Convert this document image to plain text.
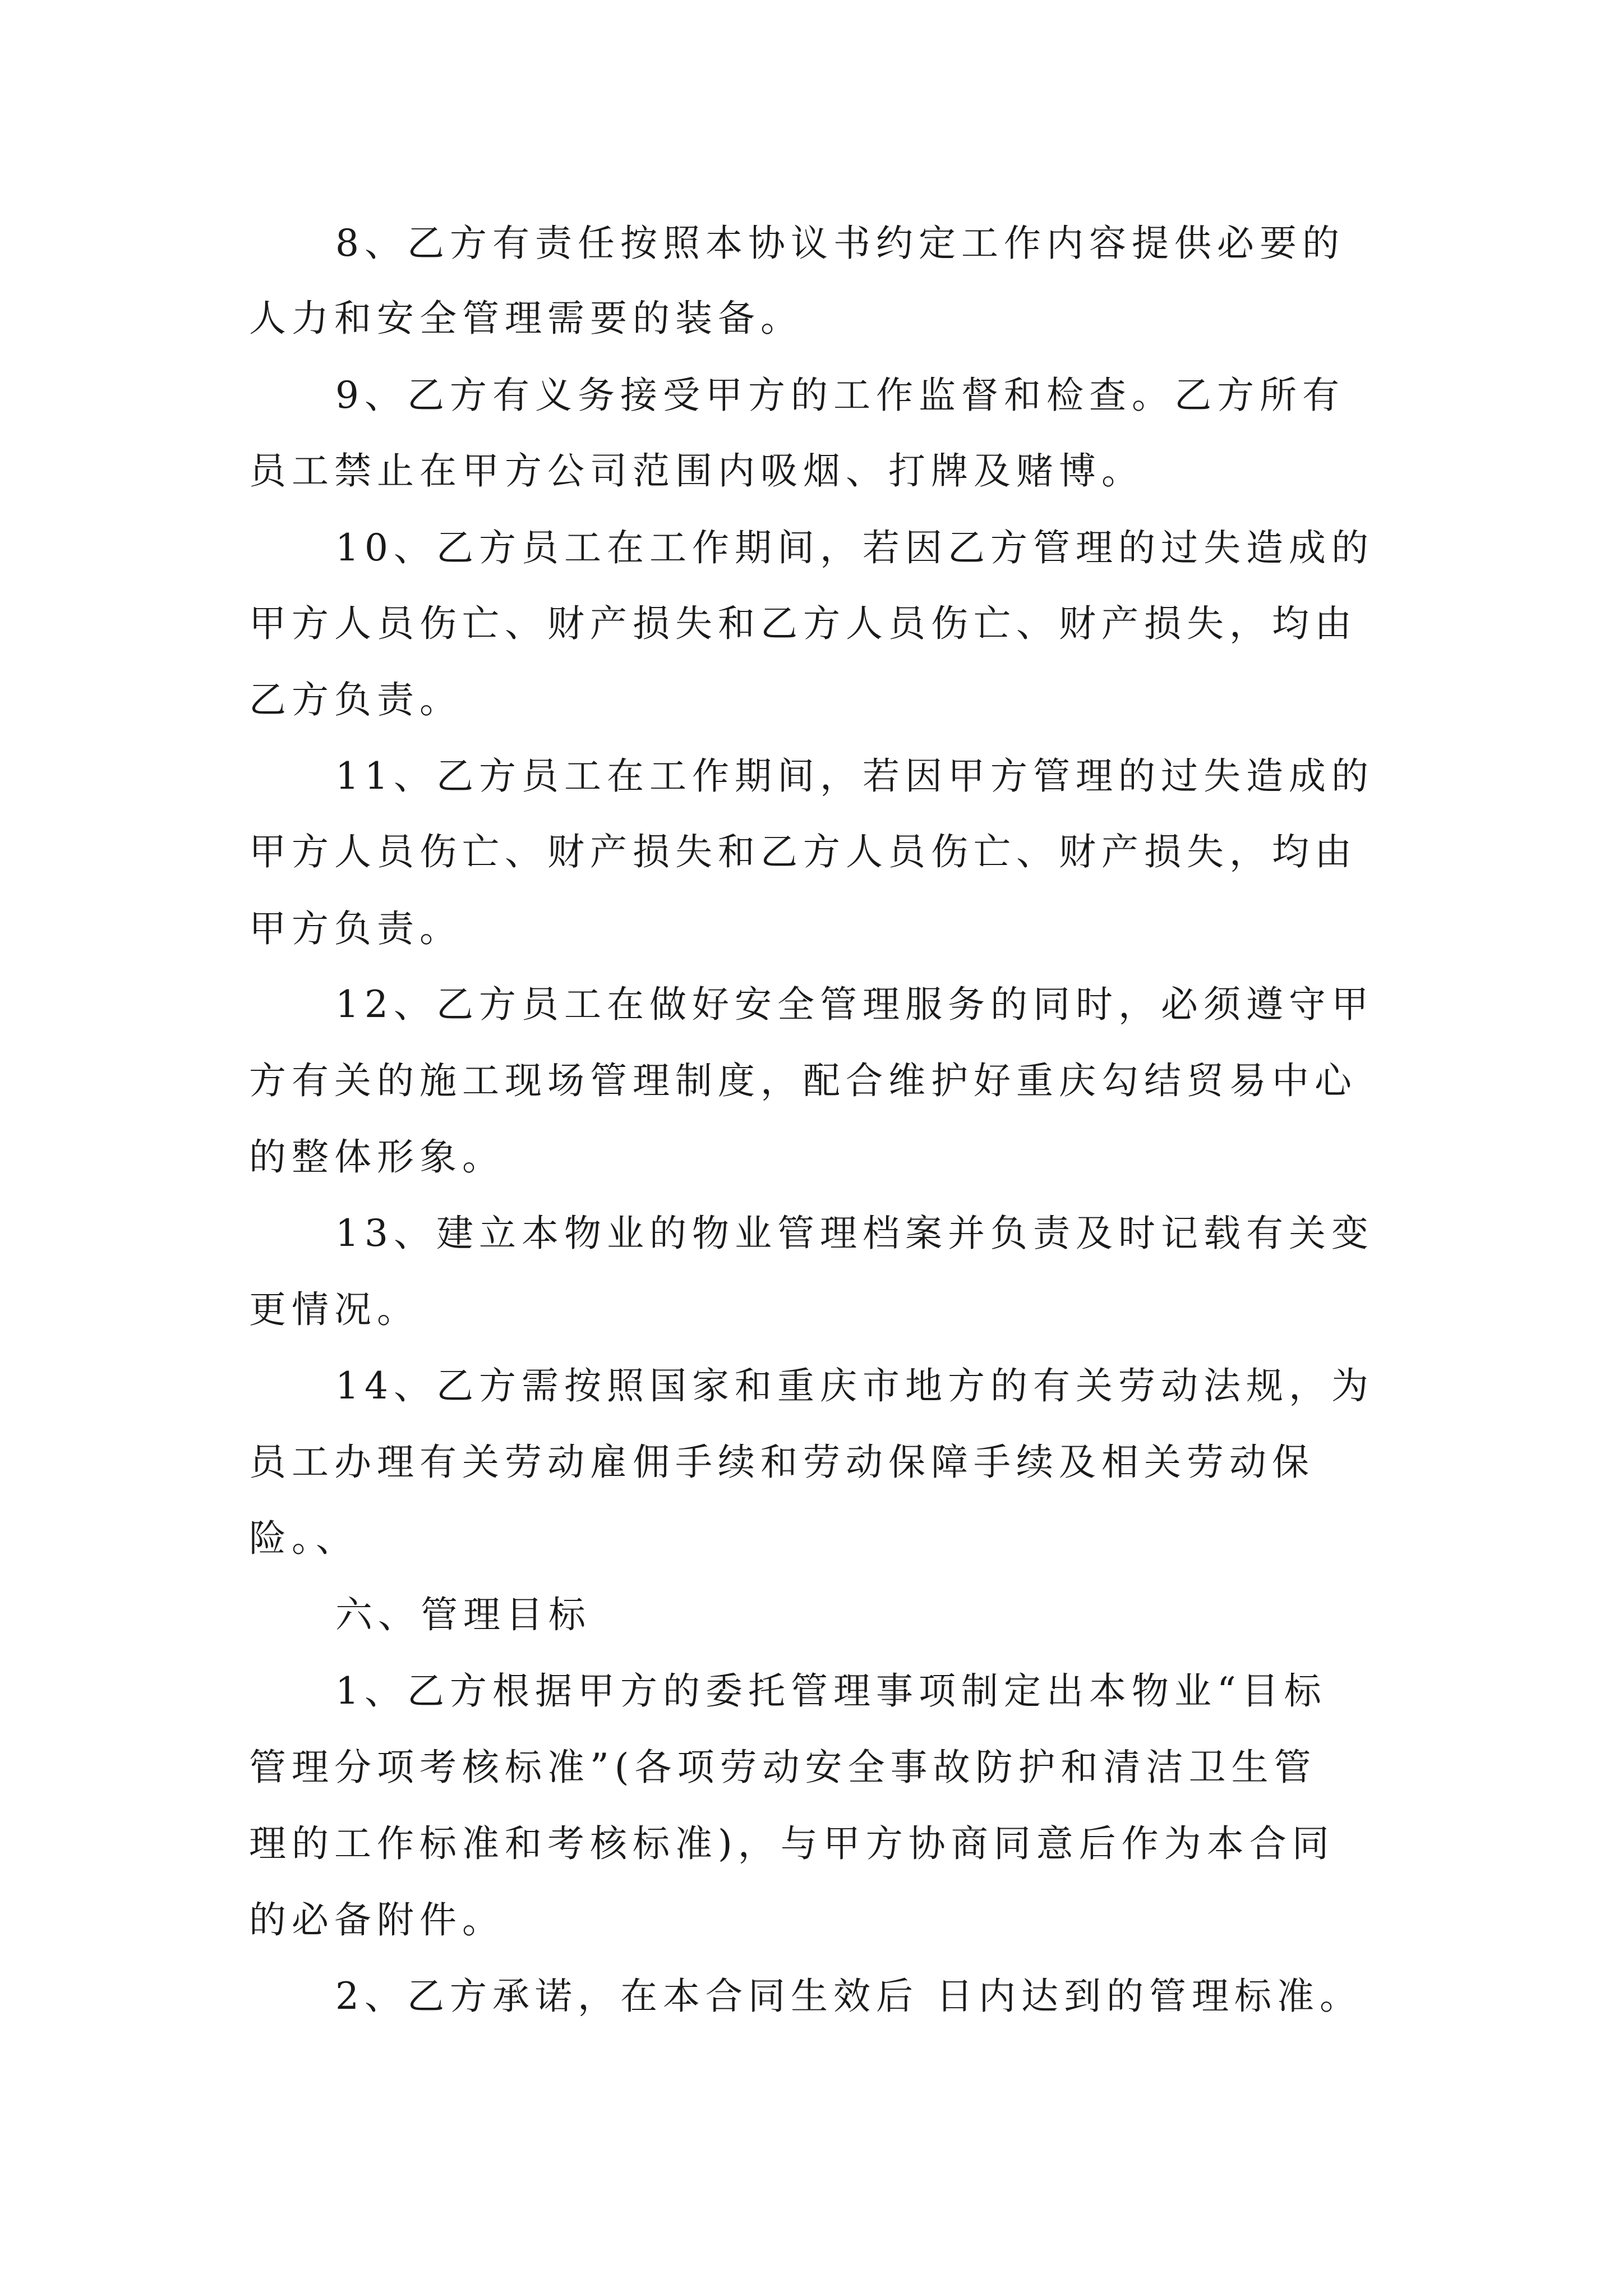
8、乙方有责任按照本协议书约定工作内容提供必要的
人力和安全管理需要的装备。
9、乙方有义务接受甲方的工作监督和检查。乙方所有
员工禁止在甲方公司范围内吸烟、打牌及赌博。
10、乙方员工在工作期间，若因乙方管理的过失造成的
甲方人员伤亡、财产损失和乙方人员伤亡、财产损失，均由
乙方负责。
11、乙方员工在工作期间，若因甲方管理的过失造成的
甲方人员伤亡、财产损失和乙方人员伤亡、财产损失，均由
甲方负责。
12、乙方员工在做好安全管理服务的同时，必须遵守甲
方有关的施工现场管理制度，配合维护好重庆勾结贸易中心
的整体形象。
13、建立本物业的物业管理档案并负责及时记载有关变
更情况。
14、乙方需按照国家和重庆市地方的有关劳动法规，为
员工办理有关劳动雇佣手续和劳动保障手续及相关劳动保
险。、
六、管理目标
1、乙方根据甲方的委托管理事项制定出本物业“目标
管理分项考核标准”(各项劳动安全事故防护和清洁卫生管
理的工作标准和考核标准)，与甲方协商同意后作为本合同
的必备附件。
2、乙方承诺，在本合同生效后 日内达到的管理标准。
